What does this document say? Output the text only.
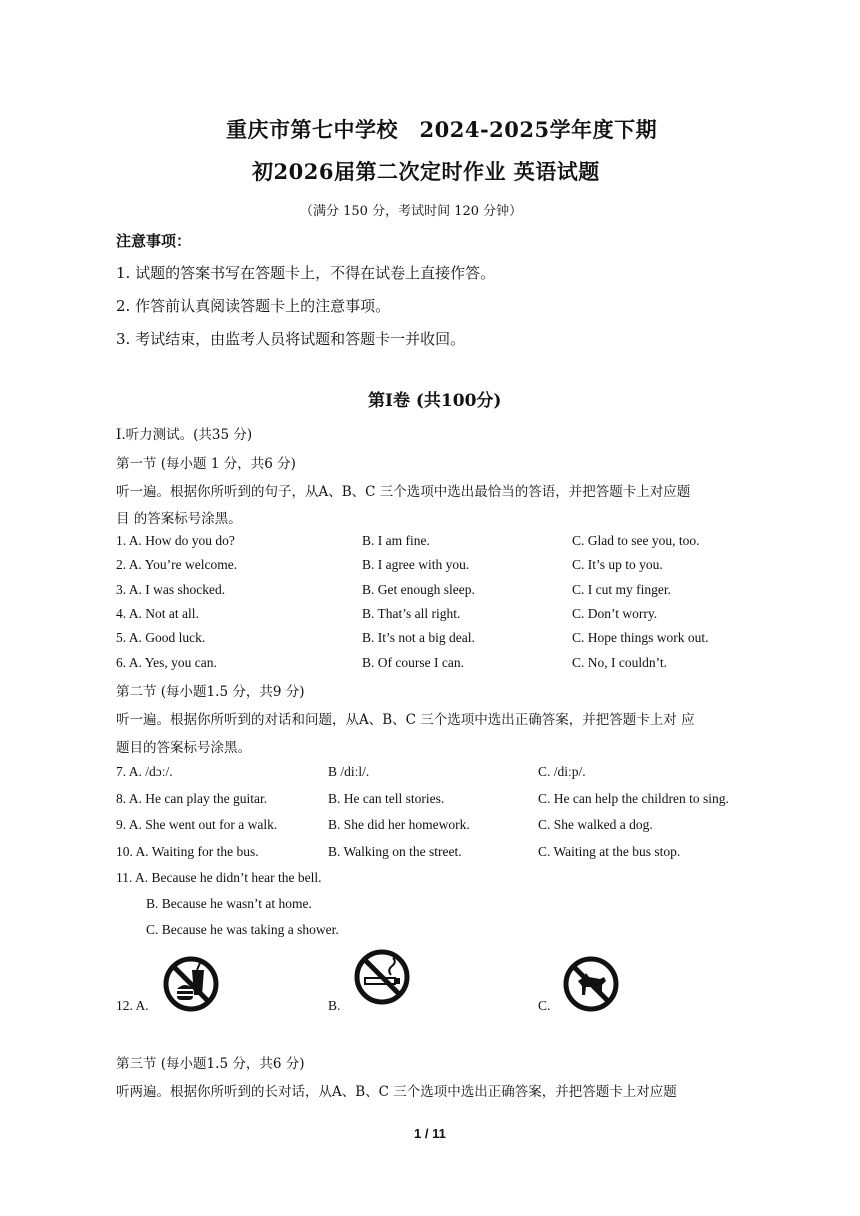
重庆市第七中学校　2024-2025学年度下期
初2026届第二次定时作业 英语试题
（满分 150 分，考试时间 120 分钟）
注意事项：
1. 试题的答案书写在答题卡上，不得在试卷上直接作答。
2. 作答前认真阅读答题卡上的注意事项。
3. 考试结束，由监考人员将试题和答题卡一并收回。
第Ⅰ卷 (共100分)
Ⅰ.听力测试。(共35 分)
第一节 (每小题 1 分，共6 分)
听一遍。根据你所听到的句子，从A、B、C 三个选项中选出最恰当的答语，并把答题卡上对应题
目 的答案标号涂黑。
1. A. How do you do?	B. I am fine.	C. Glad to see you, too.
2. A. You’re welcome.	B. I agree with you.	C. It’s up to you.
3. A. I was shocked.	B. Get enough sleep.	C. I cut my finger.
4. A. Not at all.	B. That’s all right.	C. Don’t worry.
5. A. Good luck.	B. It’s not a big deal.	C. Hope things work out.
6. A. Yes, you can.	B. Of course I can.	C. No, I couldn’t.
第二节 (每小题1.5 分，共9 分)
听一遍。根据你所听到的对话和问题，从A、B、C 三个选项中选出正确答案，并把答题卡上对 应
题目的答案标号涂黑。
7. A. /dɔː/.	B /diːl/.	C. /diːp/.
8. A. He can play the guitar.	B. He can tell stories.	C. He can help the children to sing.
9. A. She went out for a walk.	B. She did her homework.	C. She walked a dog.
10. A. Waiting for the bus.	B. Walking on the street.	C. Waiting at the bus stop.
11. A. Because he didn’t hear the bell.
B. Because he wasn’t at home.
C. Because he was taking a shower.
12. A.	B.	C.
第三节 (每小题1.5 分，共6 分)
听两遍。根据你所听到的长对话，从A、B、C 三个选项中选出正确答案，并把答题卡上对应题
1 / 11
